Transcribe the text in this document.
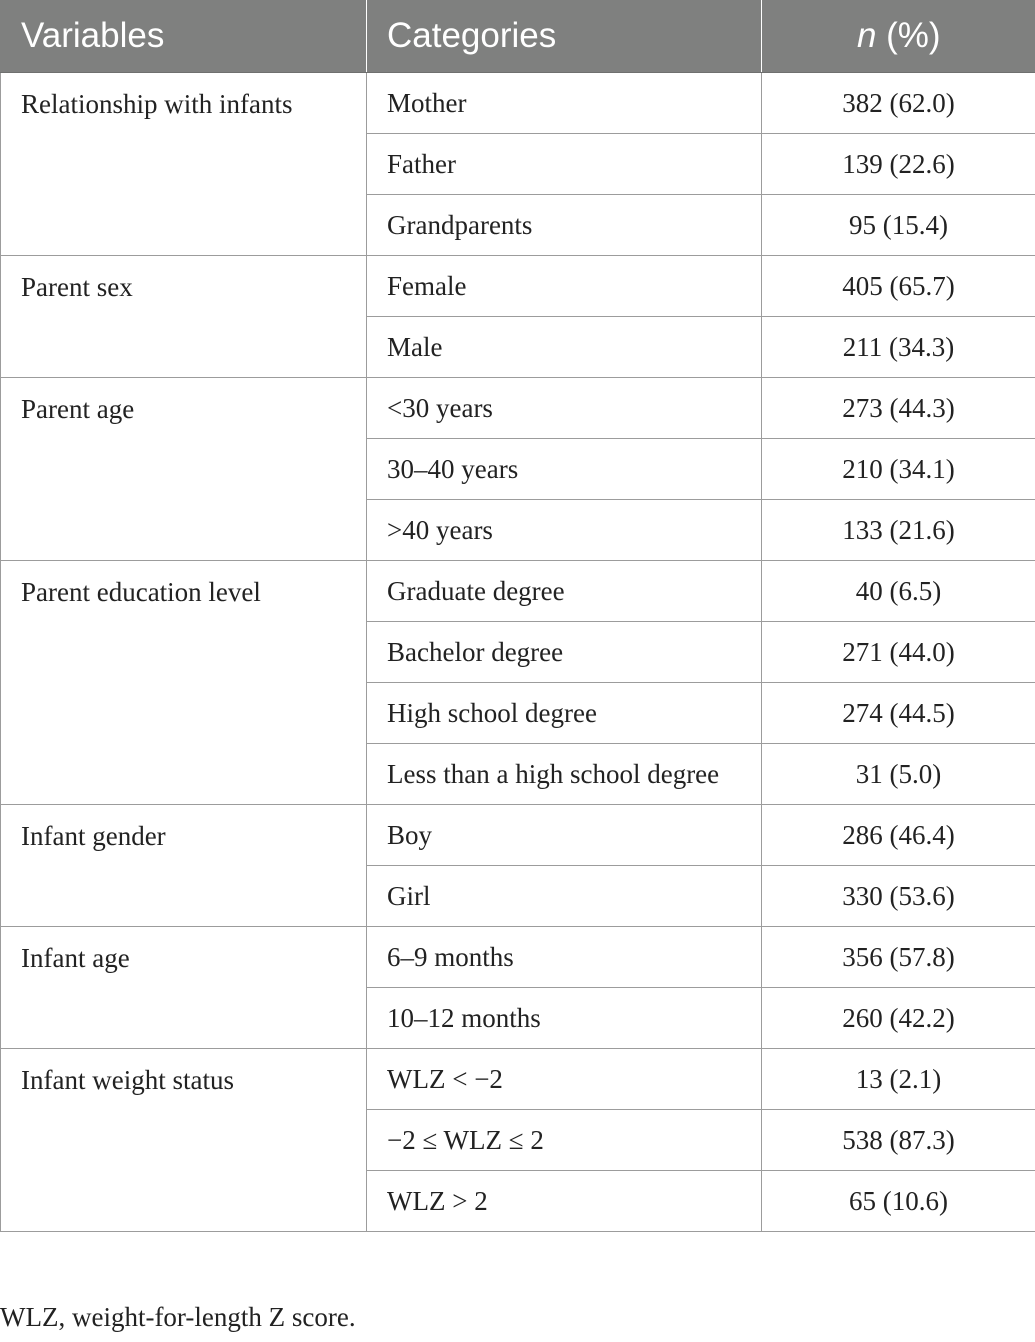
Variables	Categories	n (%)
Relationship with infants	Mother	382 (62.0)
	Father	139 (22.6)
	Grandparents	95 (15.4)
Parent sex	Female	405 (65.7)
	Male	211 (34.3)
Parent age	<30 years	273 (44.3)
	30–40 years	210 (34.1)
	>40 years	133 (21.6)
Parent education level	Graduate degree	40 (6.5)
	Bachelor degree	271 (44.0)
	High school degree	274 (44.5)
	Less than a high school degree	31 (5.0)
Infant gender	Boy	286 (46.4)
	Girl	330 (53.6)
Infant age	6–9 months	356 (57.8)
	10–12 months	260 (42.2)
Infant weight status	WLZ < −2	13 (2.1)
	−2 ≤ WLZ ≤ 2	538 (87.3)
	WLZ > 2	65 (10.6)

WLZ, weight-for-length Z score.
